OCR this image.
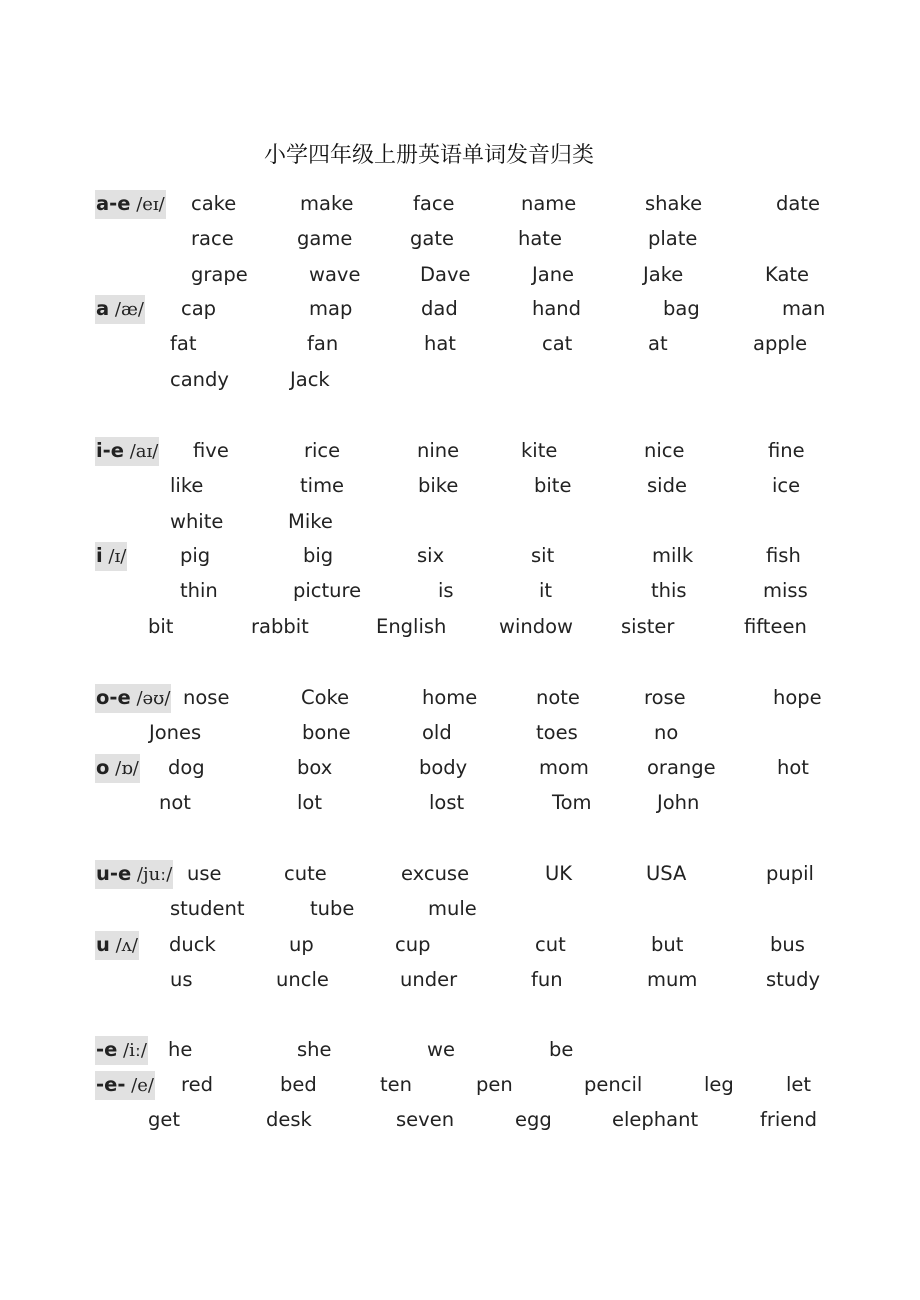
小学四年级上册英语单词发音归类
a-e /eɪ/ cake	make	face	name	shake	date
race	game	gate	hate	plate
grape	wave	Dave	Jane	Jake	Kate
a /æ/ cap	map	dad	hand	bag	man
fat	fan	hat	cat	at	apple
candy	Jack
i-e /aɪ/ five	rice	nine	kite	nice	fine
like	time	bike	bite	side	ice
white	Mike
i /ɪ/	pig	big	six	sit	milk	fish
thin	picture	is	it	this	miss
bit	rabbit	English	window sister	fifteen
o-e /əʊ/ nose	Coke	home	note	rose	hope
Jones	bone	old	toes	no
o /ɒ/ dog	box	body	mom	orange	hot
not	lot	lost	Tom	John
u-e /juː/ use	cute	excuse	UK	USA	pupil
student	tube	mule
u /ʌ/ duck	up	cup	cut	but	bus
us	uncle	under	fun	mum	study
-e /iː/ he	she	we	be
-e- /e/ red	bed	ten	pen	pencil	leg	let
get	desk	seven	egg	elephant	friend
